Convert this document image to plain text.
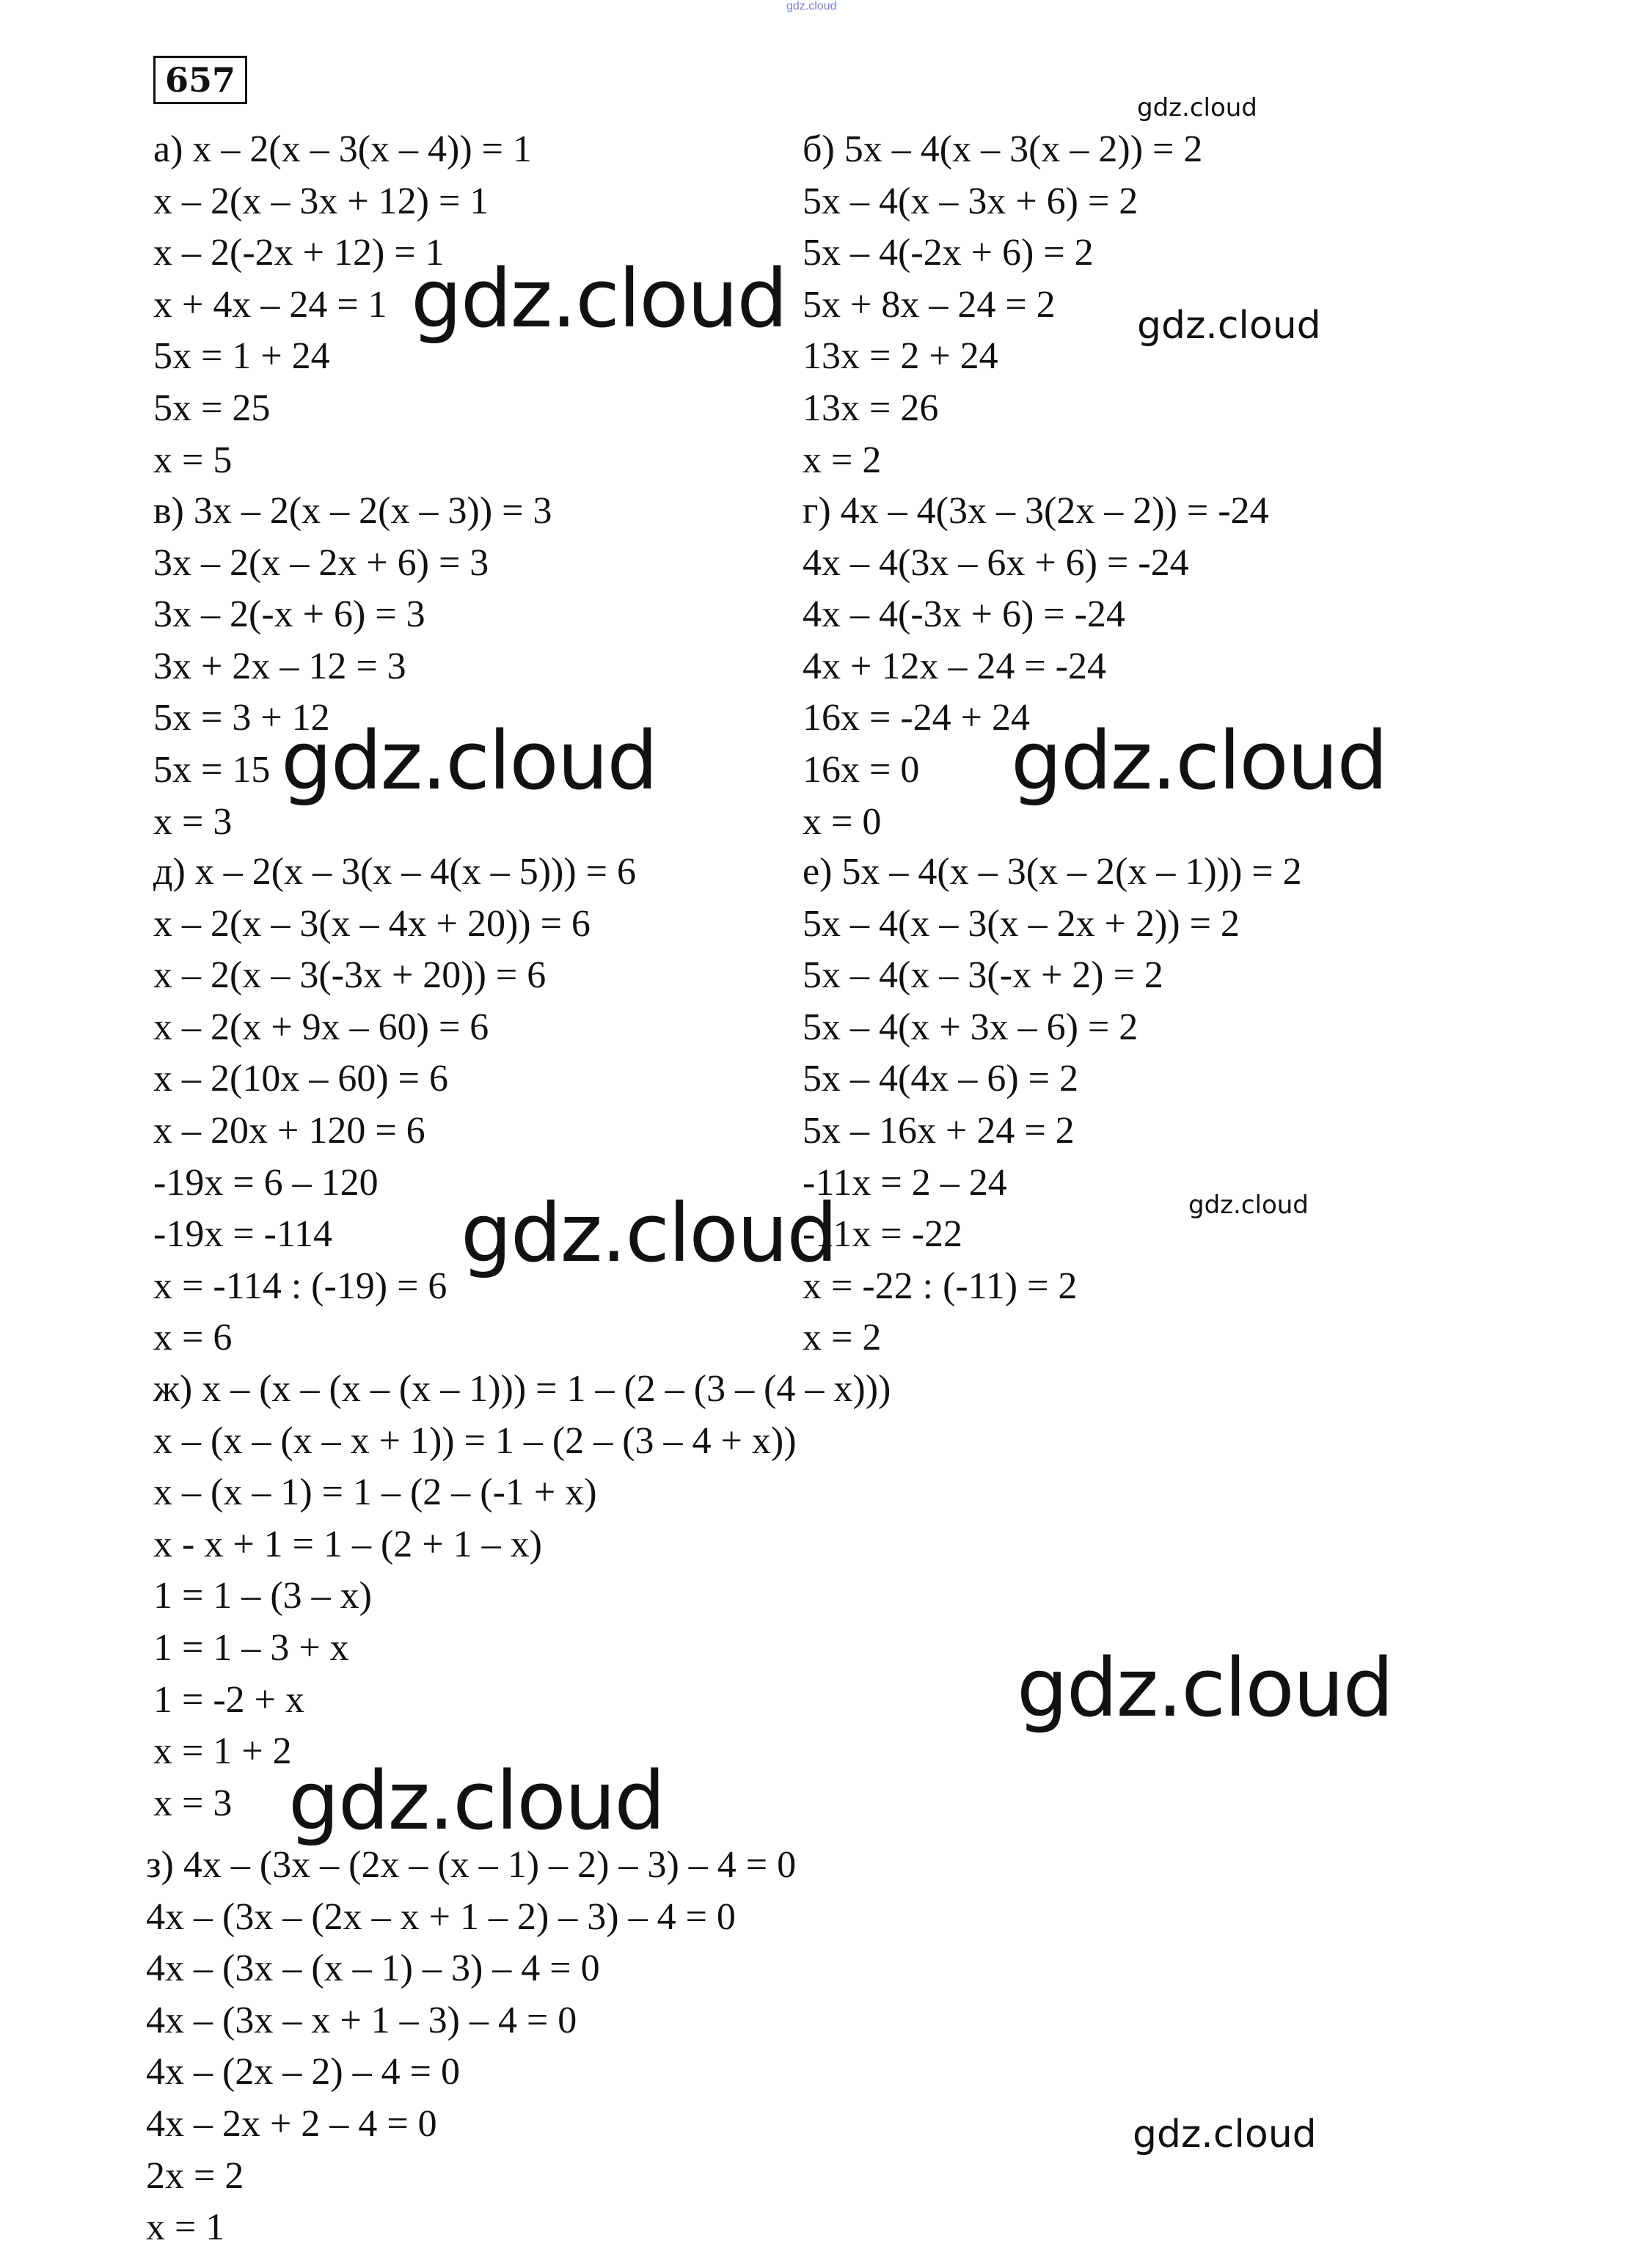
gdz.cloud
657
а) x – 2(x – 3(x – 4)) = 1
x – 2(x – 3x + 12) = 1
x – 2(-2x + 12) = 1
x + 4x – 24 = 1
5x = 1 + 24
5x = 25
x = 5
б) 5x – 4(x – 3(x – 2)) = 2
5x – 4(x – 3x + 6) = 2
5x – 4(-2x + 6) = 2
5x + 8x – 24 = 2
13x = 2 + 24
13x = 26
x = 2
в) 3x – 2(x – 2(x – 3)) = 3
3x – 2(x – 2x + 6) = 3
3x – 2(-x + 6) = 3
3x + 2x – 12 = 3
5x = 3 + 12
5x = 15
x = 3
г) 4x – 4(3x – 3(2x – 2)) = -24
4x – 4(3x – 6x + 6) = -24
4x – 4(-3x + 6) = -24
4x + 12x – 24 = -24
16x = -24 + 24
16x = 0
x = 0
д) x – 2(x – 3(x – 4(x – 5))) = 6
x – 2(x – 3(x – 4x + 20)) = 6
x – 2(x – 3(-3x + 20)) = 6
x – 2(x + 9x – 60) = 6
x – 2(10x – 60) = 6
x – 20x + 120 = 6
-19x = 6 – 120
-19x = -114
x = -114 : (-19) = 6
x = 6
е) 5x – 4(x – 3(x – 2(x – 1))) = 2
5x – 4(x – 3(x – 2x + 2)) = 2
5x – 4(x – 3(-x + 2) = 2
5x – 4(x + 3x – 6) = 2
5x – 4(4x – 6) = 2
5x – 16x + 24 = 2
-11x = 2 – 24
-11x = -22
x = -22 : (-11) = 2
x = 2
ж) x – (x – (x – (x – 1))) = 1 – (2 – (3 – (4 – x)))
x – (x – (x – x + 1)) = 1 – (2 – (3 – 4 + x))
x – (x – 1) = 1 – (2 – (-1 + x)
x - x + 1 = 1 – (2 + 1 – x)
1 = 1 – (3 – x)
1 = 1 – 3 + x
1 = -2 + x
x = 1 + 2
x = 3
з) 4x – (3x – (2x – (x – 1) – 2) – 3) – 4 = 0
4x – (3x – (2x – x + 1 – 2) – 3) – 4 = 0
4x – (3x – (x – 1) – 3) – 4 = 0
4x – (3x – x + 1 – 3) – 4 = 0
4x – (2x – 2) – 4 = 0
4x – 2x + 2 – 4 = 0
2x = 2
x = 1
gdz.cloud
gdz.cloud	gdz.cloud
gdz.cloud	gdz.cloud
gdz.cloud
gdz.cloud
gdz.cloud
gdz.cloud
gdz.cloud
